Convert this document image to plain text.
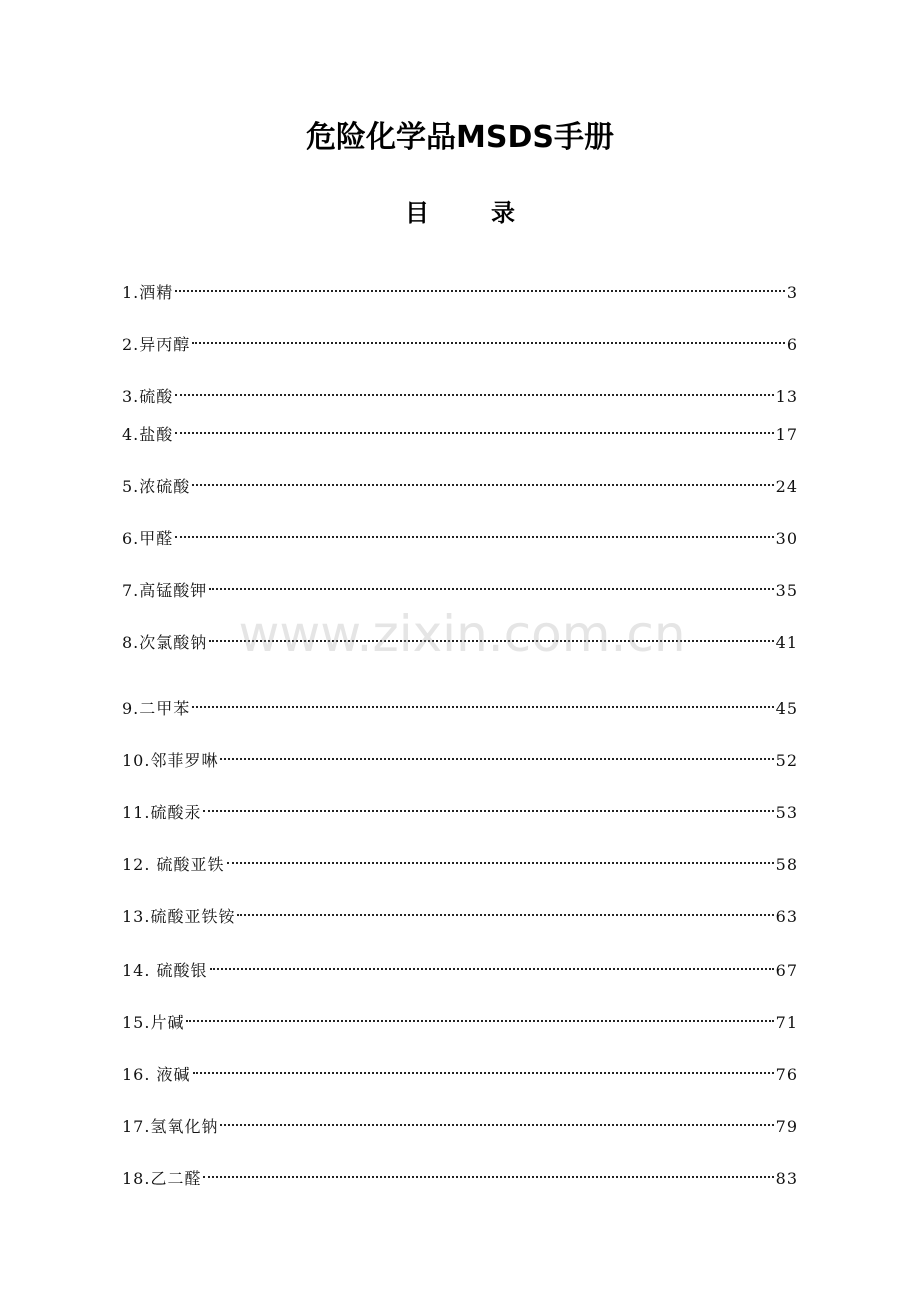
危险化学品MSDS手册
目	录
1.酒精	3
2.异丙醇	6
3.硫酸	13
4.盐酸	17
5.浓硫酸	24
6.甲醛	30
7.高锰酸钾	35
8.次氯酸钠	41
9.二甲苯	45
10.邻菲罗啉	52
11.硫酸汞	53
12. 硫酸亚铁	58
13.硫酸亚铁铵	63
14. 硫酸银	67
15.片碱	71
16. 液碱	76
17.氢氧化钠	79
18.乙二醛	83
www.zixin.com.cn
